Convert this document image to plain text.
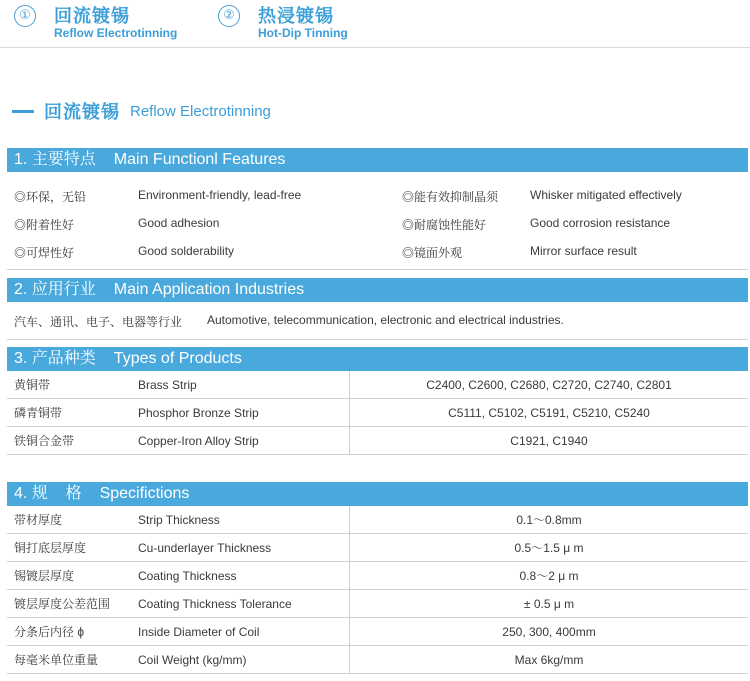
① 回流镀锡
Reflow Electrotinning
② 热浸镀锡
Hot-Dip Tinning
回流镀锡 Reflow Electrotinning
1. 主要特点 Main Functionl Features
◎环保，无铅	Environment-friendly, lead-free	◎能有效抑制晶须	Whisker mitigated effectively
◎附着性好	Good adhesion	◎耐腐蚀性能好	Good corrosion resistance
◎可焊性好	Good solderability	◎镜面外观	Mirror surface result
2. 应用行业 Main Application Industries
汽车、通讯、电子、电器等行业 Automotive, telecommunication, electronic and electrical industries.
3. 产品种类 Types of Products
黄铜带	Brass Strip	C2400, C2600, C2680, C2720, C2740, C2801
磷青铜带	Phosphor Bronze Strip	C5111, C5102, C5191, C5210, C5240
铁铜合金带	Copper-Iron Alloy Strip	C1921, C1940
4. 规    格 Specifictions
带材厚度	Strip Thickness	0.1～0.8mm
铜打底层厚度	Cu-underlayer Thickness	0.5～1.5 μ m
锡镀层厚度	Coating Thickness	0.8～2 μ m
镀层厚度公差范围 Coating Thickness Tolerance	± 0.5 μ m
分条后内径 ϕ	Inside Diameter of Coil	250, 300, 400mm
每毫米单位重量	Coil Weight (kg/mm)	Max 6kg/mm
